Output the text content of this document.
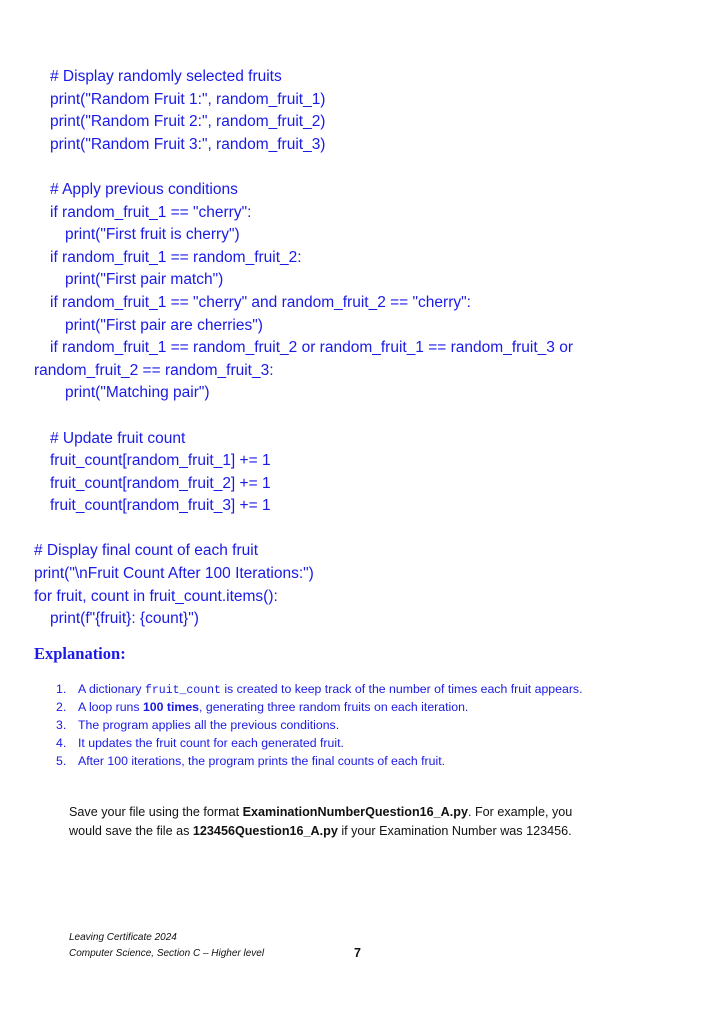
# Display randomly selected fruits
print("Random Fruit 1:", random_fruit_1)
print("Random Fruit 2:", random_fruit_2)
print("Random Fruit 3:", random_fruit_3)
# Apply previous conditions
if random_fruit_1 == "cherry":
print("First fruit is cherry")
if random_fruit_1 == random_fruit_2:
print("First pair match")
if random_fruit_1 == "cherry" and random_fruit_2 == "cherry":
print("First pair are cherries")
if random_fruit_1 == random_fruit_2 or random_fruit_1 == random_fruit_3 or
random_fruit_2 == random_fruit_3:
print("Matching pair")
# Update fruit count
fruit_count[random_fruit_1] += 1
fruit_count[random_fruit_2] += 1
fruit_count[random_fruit_3] += 1
# Display final count of each fruit
print("\nFruit Count After 100 Iterations:")
for fruit, count in fruit_count.items():
print(f"{fruit}: {count}")
Explanation:
1. A dictionary fruit_count is created to keep track of the number of times each fruit appears.
2. A loop runs 100 times, generating three random fruits on each iteration.
3. The program applies all the previous conditions.
4. It updates the fruit count for each generated fruit.
5. After 100 iterations, the program prints the final counts of each fruit.
Save your file using the format ExaminationNumberQuestion16_A.py. For example, you
would save the file as 123456Question16_A.py if your Examination Number was 123456.
Leaving Certificate 2024
Computer Science, Section C – Higher level	7
